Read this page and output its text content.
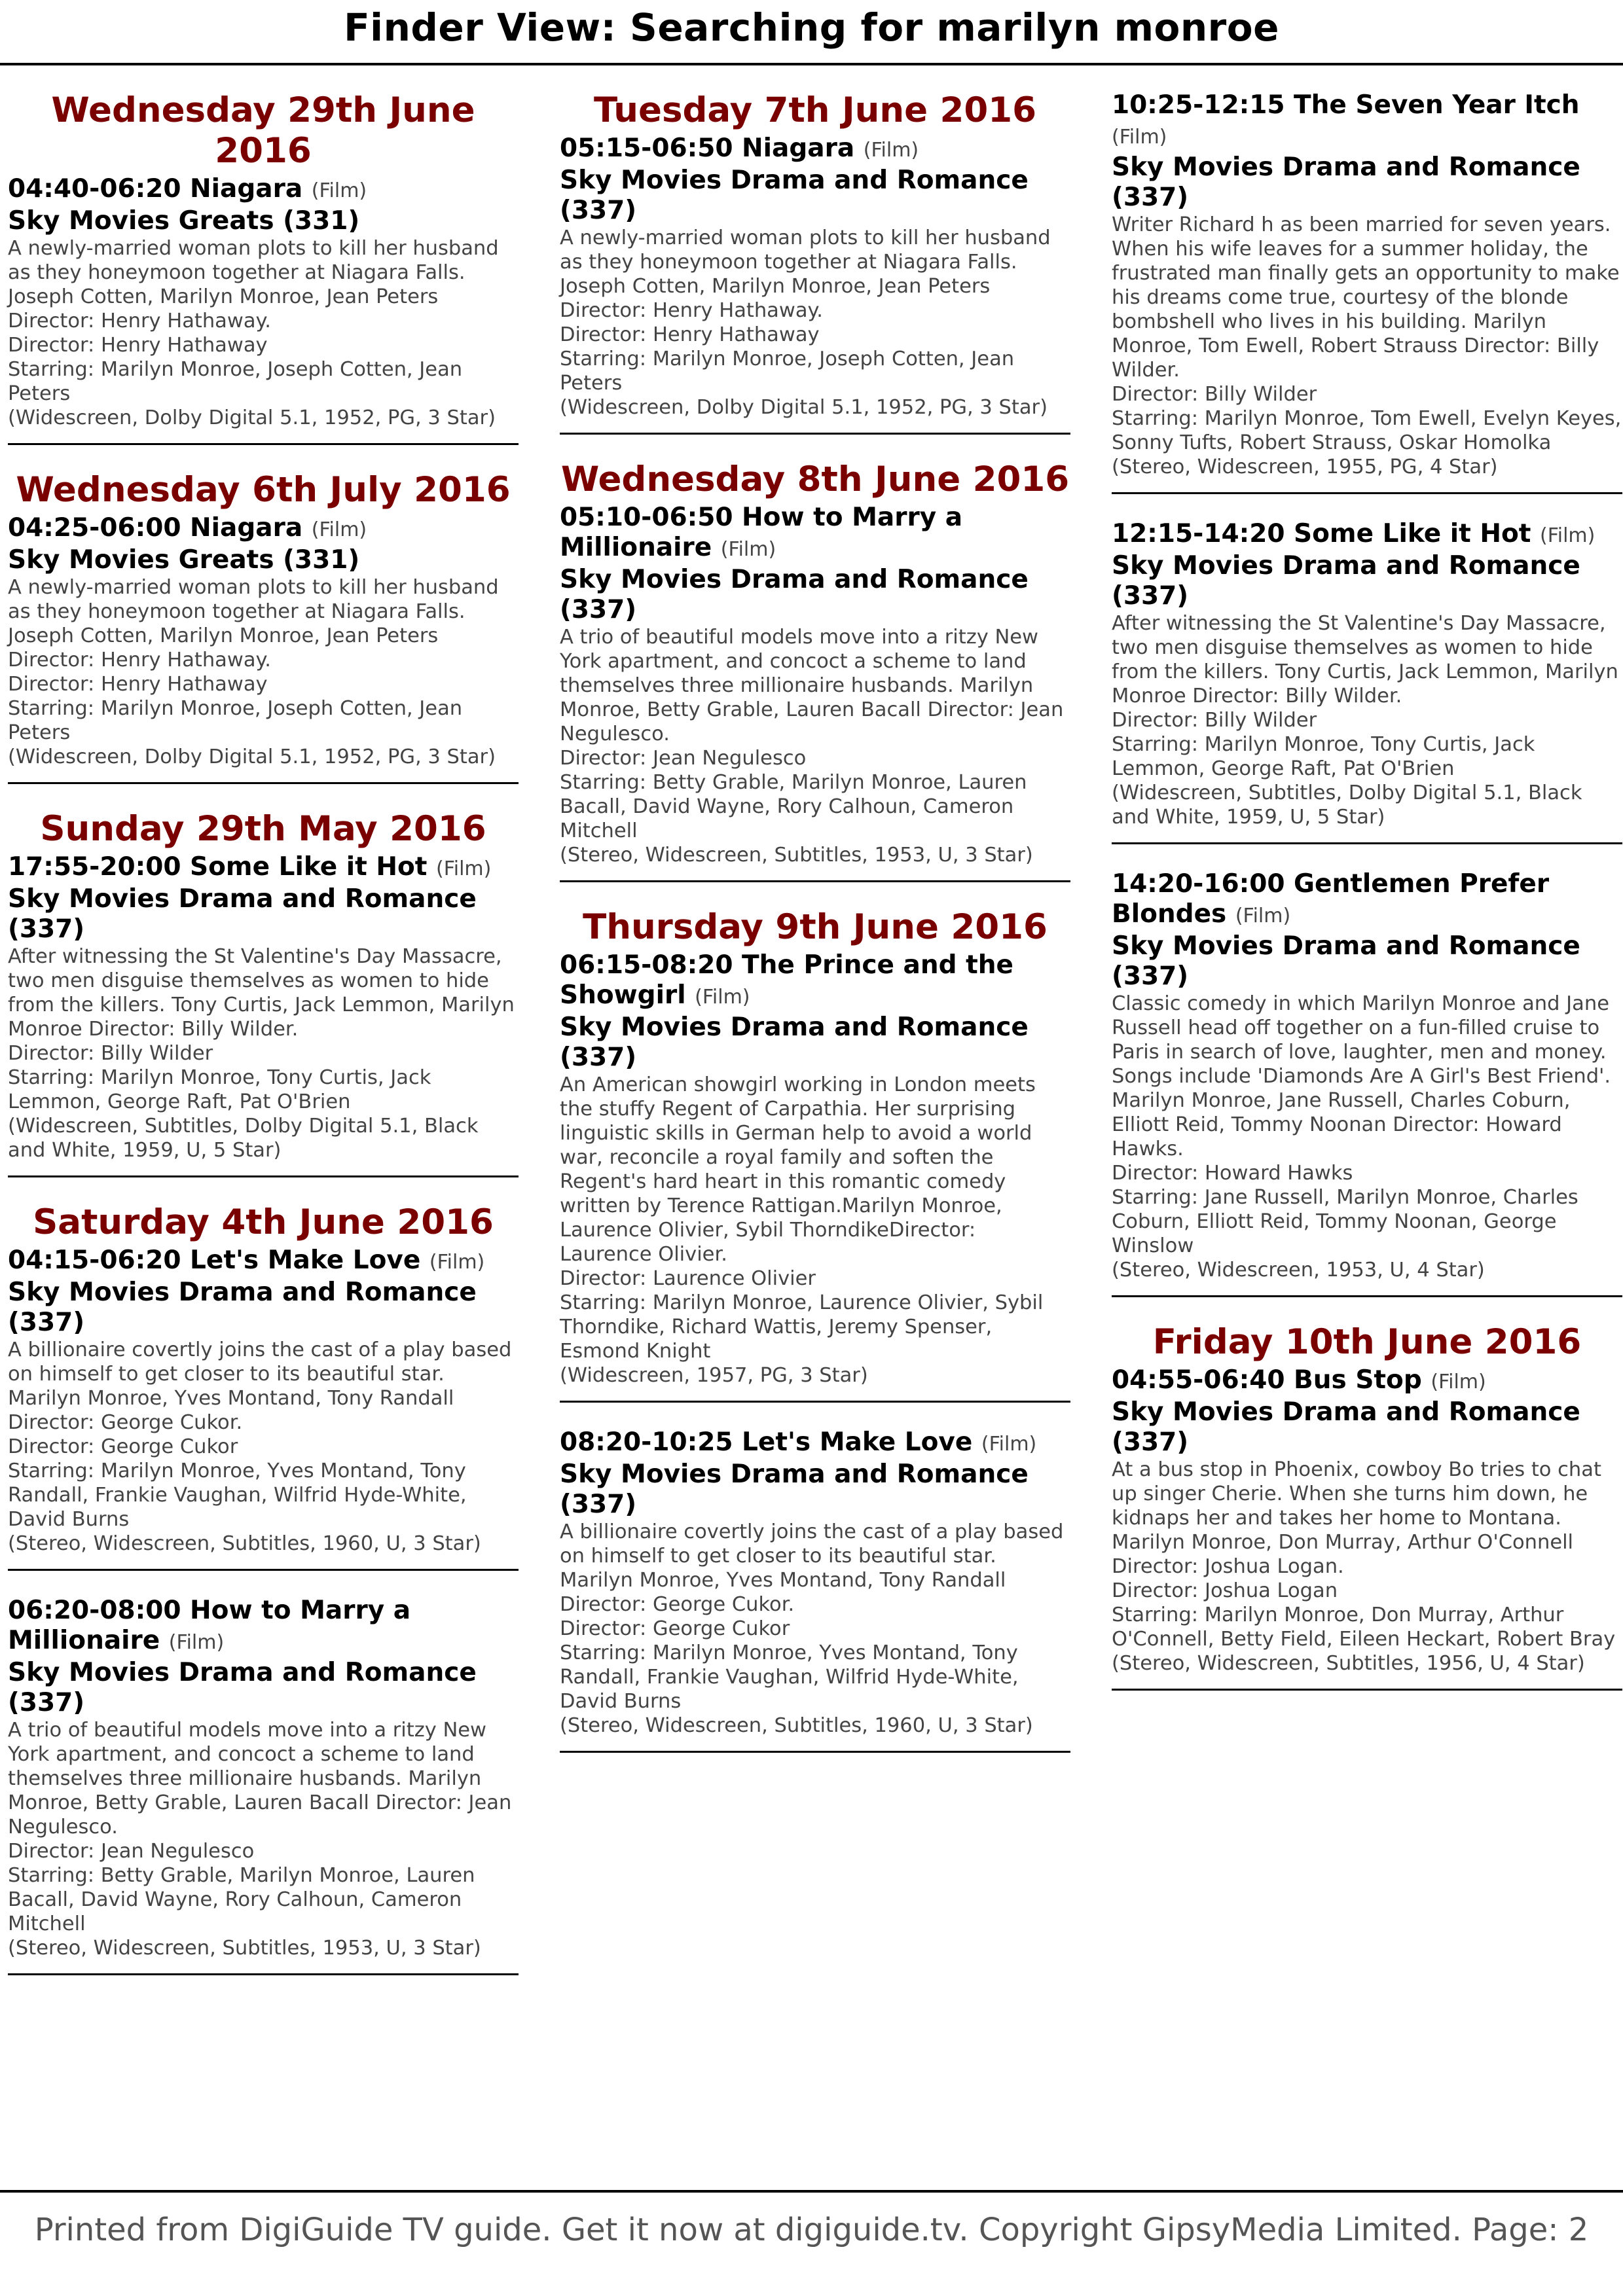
Finder View: Searching for marilyn monroe
Wednesday 29th June 2016
04:40-06:20 Niagara (Film)
Sky Movies Greats (331)
A newly-married woman plots to kill her husband as they honeymoon together at Niagara Falls. Joseph Cotten, Marilyn Monroe, Jean Peters Director: Henry Hathaway.
Director: Henry Hathaway
Starring: Marilyn Monroe, Joseph Cotten, Jean Peters
(Widescreen, Dolby Digital 5.1, 1952, PG, 3 Star)
Wednesday 6th July 2016
04:25-06:00 Niagara (Film)
Sky Movies Greats (331)
A newly-married woman plots to kill her husband as they honeymoon together at Niagara Falls. Joseph Cotten, Marilyn Monroe, Jean Peters Director: Henry Hathaway.
Director: Henry Hathaway
Starring: Marilyn Monroe, Joseph Cotten, Jean Peters
(Widescreen, Dolby Digital 5.1, 1952, PG, 3 Star)
Sunday 29th May 2016
17:55-20:00 Some Like it Hot (Film)
Sky Movies Drama and Romance (337)
After witnessing the St Valentine's Day Massacre, two men disguise themselves as women to hide from the killers. Tony Curtis, Jack Lemmon, Marilyn Monroe Director: Billy Wilder.
Director: Billy Wilder
Starring: Marilyn Monroe, Tony Curtis, Jack Lemmon, George Raft, Pat O'Brien
(Widescreen, Subtitles, Dolby Digital 5.1, Black and White, 1959, U, 5 Star)
Saturday 4th June 2016
04:15-06:20 Let's Make Love (Film)
Sky Movies Drama and Romance (337)
A billionaire covertly joins the cast of a play based on himself to get closer to its beautiful star. Marilyn Monroe, Yves Montand, Tony Randall Director: George Cukor.
Director: George Cukor
Starring: Marilyn Monroe, Yves Montand, Tony Randall, Frankie Vaughan, Wilfrid Hyde-White, David Burns
(Stereo, Widescreen, Subtitles, 1960, U, 3 Star)
06:20-08:00 How to Marry a Millionaire (Film)
Sky Movies Drama and Romance (337)
A trio of beautiful models move into a ritzy New York apartment, and concoct a scheme to land themselves three millionaire husbands. Marilyn Monroe, Betty Grable, Lauren Bacall Director: Jean Negulesco.
Director: Jean Negulesco
Starring: Betty Grable, Marilyn Monroe, Lauren Bacall, David Wayne, Rory Calhoun, Cameron Mitchell
(Stereo, Widescreen, Subtitles, 1953, U, 3 Star)
Tuesday 7th June 2016
05:15-06:50 Niagara (Film)
Sky Movies Drama and Romance (337)
A newly-married woman plots to kill her husband as they honeymoon together at Niagara Falls. Joseph Cotten, Marilyn Monroe, Jean Peters Director: Henry Hathaway.
Director: Henry Hathaway
Starring: Marilyn Monroe, Joseph Cotten, Jean Peters
(Widescreen, Dolby Digital 5.1, 1952, PG, 3 Star)
Wednesday 8th June 2016
05:10-06:50 How to Marry a Millionaire (Film)
Sky Movies Drama and Romance (337)
A trio of beautiful models move into a ritzy New York apartment, and concoct a scheme to land themselves three millionaire husbands. Marilyn Monroe, Betty Grable, Lauren Bacall Director: Jean Negulesco.
Director: Jean Negulesco
Starring: Betty Grable, Marilyn Monroe, Lauren Bacall, David Wayne, Rory Calhoun, Cameron Mitchell
(Stereo, Widescreen, Subtitles, 1953, U, 3 Star)
Thursday 9th June 2016
06:15-08:20 The Prince and the Showgirl (Film)
Sky Movies Drama and Romance (337)
An American showgirl working in London meets the stuffy Regent of Carpathia. Her surprising linguistic skills in German help to avoid a world war, reconcile a royal family and soften the Regent's hard heart in this romantic comedy written by Terence Rattigan.Marilyn Monroe, Laurence Olivier, Sybil ThorndikeDirector: Laurence Olivier.
Director: Laurence Olivier
Starring: Marilyn Monroe, Laurence Olivier, Sybil Thorndike, Richard Wattis, Jeremy Spenser, Esmond Knight
(Widescreen, 1957, PG, 3 Star)
08:20-10:25 Let's Make Love (Film)
Sky Movies Drama and Romance (337)
A billionaire covertly joins the cast of a play based on himself to get closer to its beautiful star. Marilyn Monroe, Yves Montand, Tony Randall Director: George Cukor.
Director: George Cukor
Starring: Marilyn Monroe, Yves Montand, Tony Randall, Frankie Vaughan, Wilfrid Hyde-White, David Burns
(Stereo, Widescreen, Subtitles, 1960, U, 3 Star)
10:25-12:15 The Seven Year Itch (Film)
Sky Movies Drama and Romance (337)
Writer Richard h as been married for seven years. When his wife leaves for a summer holiday, the frustrated man finally gets an opportunity to make his dreams come true, courtesy of the blonde bombshell who lives in his building. Marilyn Monroe, Tom Ewell, Robert Strauss Director: Billy Wilder.
Director: Billy Wilder
Starring: Marilyn Monroe, Tom Ewell, Evelyn Keyes, Sonny Tufts, Robert Strauss, Oskar Homolka
(Stereo, Widescreen, 1955, PG, 4 Star)
12:15-14:20 Some Like it Hot (Film)
Sky Movies Drama and Romance (337)
After witnessing the St Valentine's Day Massacre, two men disguise themselves as women to hide from the killers. Tony Curtis, Jack Lemmon, Marilyn Monroe Director: Billy Wilder.
Director: Billy Wilder
Starring: Marilyn Monroe, Tony Curtis, Jack Lemmon, George Raft, Pat O'Brien
(Widescreen, Subtitles, Dolby Digital 5.1, Black and White, 1959, U, 5 Star)
14:20-16:00 Gentlemen Prefer Blondes (Film)
Sky Movies Drama and Romance (337)
Classic comedy in which Marilyn Monroe and Jane Russell head off together on a fun-filled cruise to Paris in search of love, laughter, men and money. Songs include 'Diamonds Are A Girl's Best Friend'. Marilyn Monroe, Jane Russell, Charles Coburn, Elliott Reid, Tommy Noonan Director: Howard Hawks.
Director: Howard Hawks
Starring: Jane Russell, Marilyn Monroe, Charles Coburn, Elliott Reid, Tommy Noonan, George Winslow
(Stereo, Widescreen, 1953, U, 4 Star)
Friday 10th June 2016
04:55-06:40 Bus Stop (Film)
Sky Movies Drama and Romance (337)
At a bus stop in Phoenix, cowboy Bo tries to chat up singer Cherie. When she turns him down, he kidnaps her and takes her home to Montana. Marilyn Monroe, Don Murray, Arthur O'Connell Director: Joshua Logan.
Director: Joshua Logan
Starring: Marilyn Monroe, Don Murray, Arthur O'Connell, Betty Field, Eileen Heckart, Robert Bray
(Stereo, Widescreen, Subtitles, 1956, U, 4 Star)
Printed from DigiGuide TV guide. Get it now at digiguide.tv. Copyright GipsyMedia Limited. Page: 2
